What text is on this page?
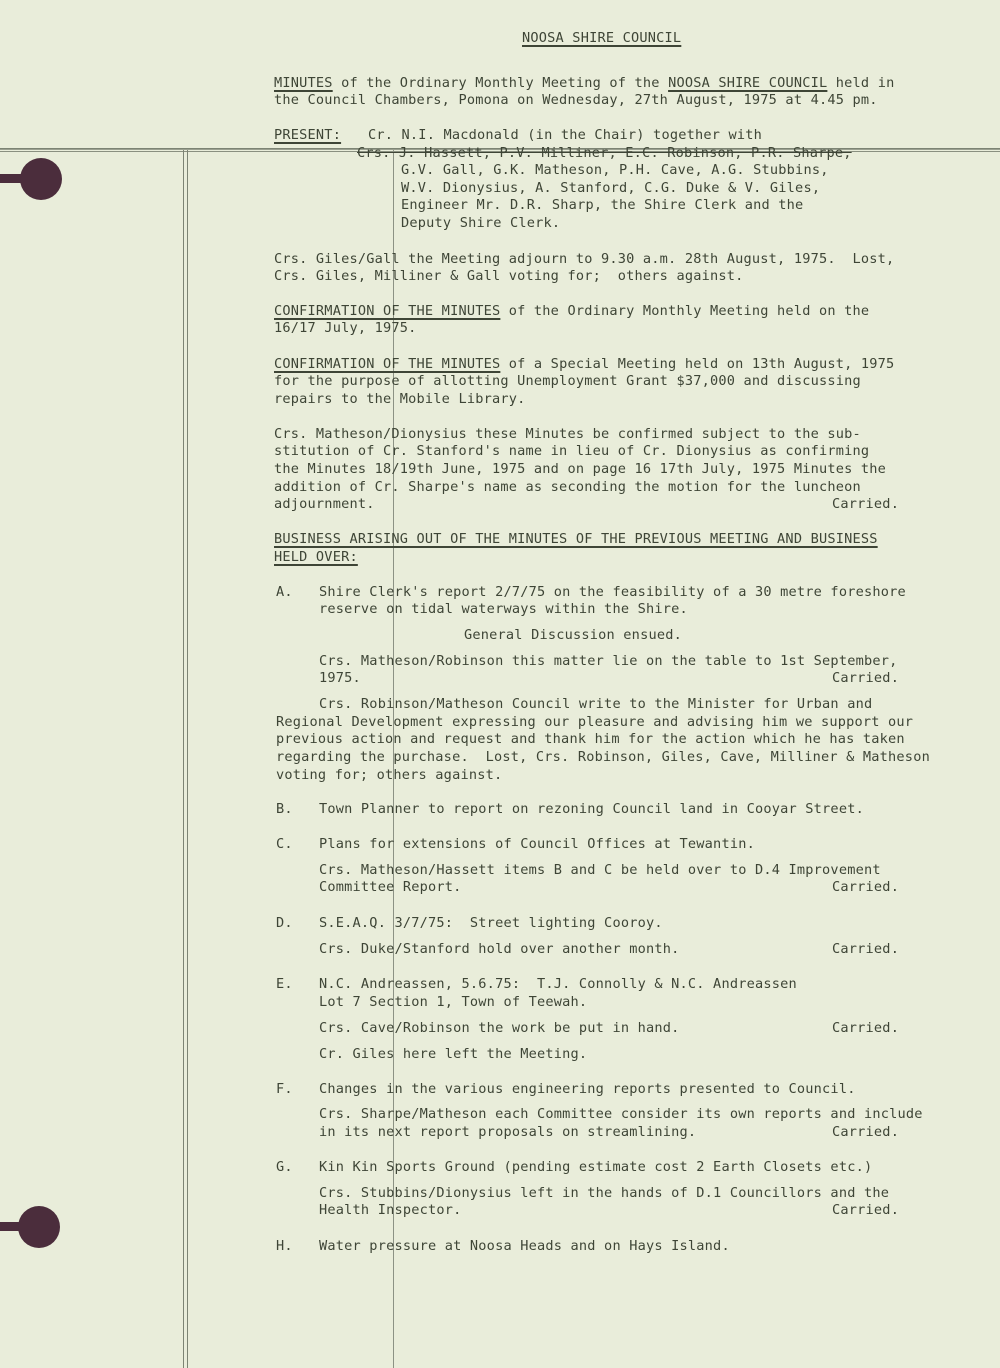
NOOSA SHIRE COUNCIL
MINUTES of the Ordinary Monthly Meeting of the NOOSA SHIRE COUNCIL held in
the Council Chambers, Pomona on Wednesday, 27th August, 1975 at 4.45 pm.
PRESENT: Cr. N.I. Macdonald (in the Chair) together with
Crs. J. Hassett, P.V. Milliner, E.C. Robinson, P.R. Sharpe,
G.V. Gall, G.K. Matheson, P.H. Cave, A.G. Stubbins,
W.V. Dionysius, A. Stanford, C.G. Duke & V. Giles,
Engineer Mr. D.R. Sharp, the Shire Clerk and the
Deputy Shire Clerk.
Crs. Giles/Gall the Meeting adjourn to 9.30 a.m. 28th August, 1975.  Lost,
Crs. Giles, Milliner & Gall voting for;  others against.
CONFIRMATION OF THE MINUTES of the Ordinary Monthly Meeting held on the
16/17 July, 1975.
CONFIRMATION OF THE MINUTES of a Special Meeting held on 13th August, 1975
for the purpose of allotting Unemployment Grant $37,000 and discussing
repairs to the Mobile Library.
Crs. Matheson/Dionysius these Minutes be confirmed subject to the sub-
stitution of Cr. Stanford's name in lieu of Cr. Dionysius as confirming
the Minutes 18/19th June, 1975 and on page 16 17th July, 1975 Minutes the
addition of Cr. Sharpe's name as seconding the motion for the luncheon
adjournment.	Carried.
BUSINESS ARISING OUT OF THE MINUTES OF THE PREVIOUS MEETING AND BUSINESS
HELD OVER:
A. Shire Clerk's report 2/7/75 on the feasibility of a 30 metre foreshore
reserve on tidal waterways within the Shire.
General Discussion ensued.
Crs. Matheson/Robinson this matter lie on the table to 1st September,
1975.	Carried.
Crs. Robinson/Matheson Council write to the Minister for Urban and
Regional Development expressing our pleasure and advising him we support our
previous action and request and thank him for the action which he has taken
regarding the purchase.  Lost, Crs. Robinson, Giles, Cave, Milliner & Matheson
voting for; others against.
B. Town Planner to report on rezoning Council land in Cooyar Street.
C. Plans for extensions of Council Offices at Tewantin.
Crs. Matheson/Hassett items B and C be held over to D.4 Improvement
Committee Report.	Carried.
D. S.E.A.Q. 3/7/75:  Street lighting Cooroy.
Crs. Duke/Stanford hold over another month.	Carried.
E. N.C. Andreassen, 5.6.75:  T.J. Connolly & N.C. Andreassen
Lot 7 Section 1, Town of Teewah.
Crs. Cave/Robinson the work be put in hand.	Carried.
Cr. Giles here left the Meeting.
F. Changes in the various engineering reports presented to Council.
Crs. Sharpe/Matheson each Committee consider its own reports and include
in its next report proposals on streamlining.	Carried.
G. Kin Kin Sports Ground (pending estimate cost 2 Earth Closets etc.)
Crs. Stubbins/Dionysius left in the hands of D.1 Councillors and the
Health Inspector.	Carried.
H. Water pressure at Noosa Heads and on Hays Island.
